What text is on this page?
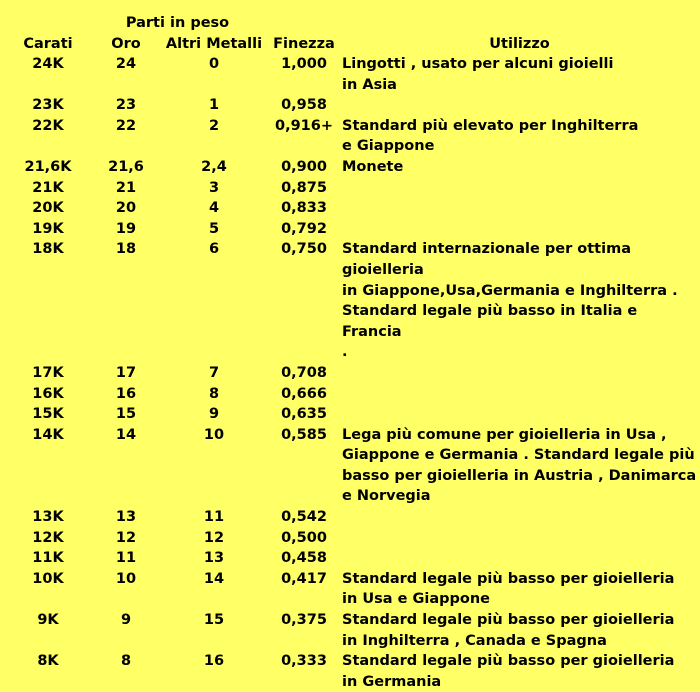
Parti in peso
Carati	Oro	Altri Metalli	Finezza	Utilizzo
24K	24	0	1,000	Lingotti , usato per alcuni gioielli
in Asia
23K	23	1	0,958	
22K	22	2	0,916+	Standard più elevato per Inghilterra
e Giappone
21,6K	21,6	2,4	0,900	Monete
21K	21	3	0,875	
20K	20	4	0,833	
19K	19	5	0,792	
18K	18	6	0,750	Standard internazionale per ottima
gioielleria
in Giappone,Usa,Germania e Inghilterra .
Standard legale più basso in Italia e Francia
.
17K	17	7	0,708	
16K	16	8	0,666	
15K	15	9	0,635	
14K	14	10	0,585	Lega più comune per gioielleria in Usa ,
Giappone e Germania . Standard legale più
basso per gioielleria in Austria , Danimarca
e Norvegia
13K	13	11	0,542	
12K	12	12	0,500	
11K	11	13	0,458	
10K	10	14	0,417	Standard legale più basso per gioielleria
in Usa e Giappone
9K	9	15	0,375	Standard legale più basso per gioielleria
in Inghilterra , Canada e Spagna
8K	8	16	0,333	Standard legale più basso per gioielleria
in Germania
